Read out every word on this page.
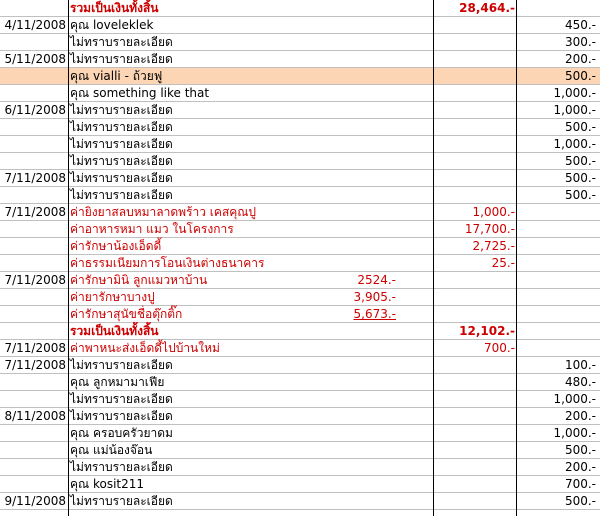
รวมเป็นเงินทั้งสิ้น	28,464.-
4/11/2008 คุณ loveleklek	450.-
ไม่ทราบรายละเอียด	300.-
5/11/2008 ไม่ทราบรายละเอียด	200.-
คุณ vialli - ถ้วยฟู	500.-
คุณ something like that	1,000.-
6/11/2008 ไม่ทราบรายละเอียด	1,000.-
ไม่ทราบรายละเอียด	500.-
ไม่ทราบรายละเอียด	1,000.-
ไม่ทราบรายละเอียด	500.-
7/11/2008 ไม่ทราบรายละเอียด	500.-
ไม่ทราบรายละเอียด	500.-
7/11/2008 ค่ายิงยาสลบหมาลาดพร้าว เคสคุณปู	1,000.-
ค่าอาหารหมา แมว ในโครงการ	17,700.-
ค่ารักษาน้องเอ็ดดี้	2,725.-
ค่าธรรมเนียมการโอนเงินต่างธนาคาร	25.-
7/11/2008 ค่ารักษามินิ ลูกแมวหาบ้าน	2524.-
ค่ายารักษาบางปู	3,905.-
ค่ารักษาสุนัขชื่อตุ๊กติ๊ก	5,673.-
รวมเป็นเงินทั้งสิ้น	12,102.-
7/11/2008 ค่าพาหนะส่งเอ็ดดี้ไปบ้านใหม่	700.-
7/11/2008 ไม่ทราบรายละเอียด	100.-
คุณ ลูกหมามาเฟีย	480.-
ไม่ทราบรายละเอียด	1,000.-
8/11/2008 ไม่ทราบรายละเอียด	200.-
คุณ ครอบครัวยาดม	1,000.-
คุณ แม่น้องจ๊อน	500.-
ไม่ทราบรายละเอียด	200.-
คุณ kosit211	700.-
9/11/2008 ไม่ทราบรายละเอียด	500.-
